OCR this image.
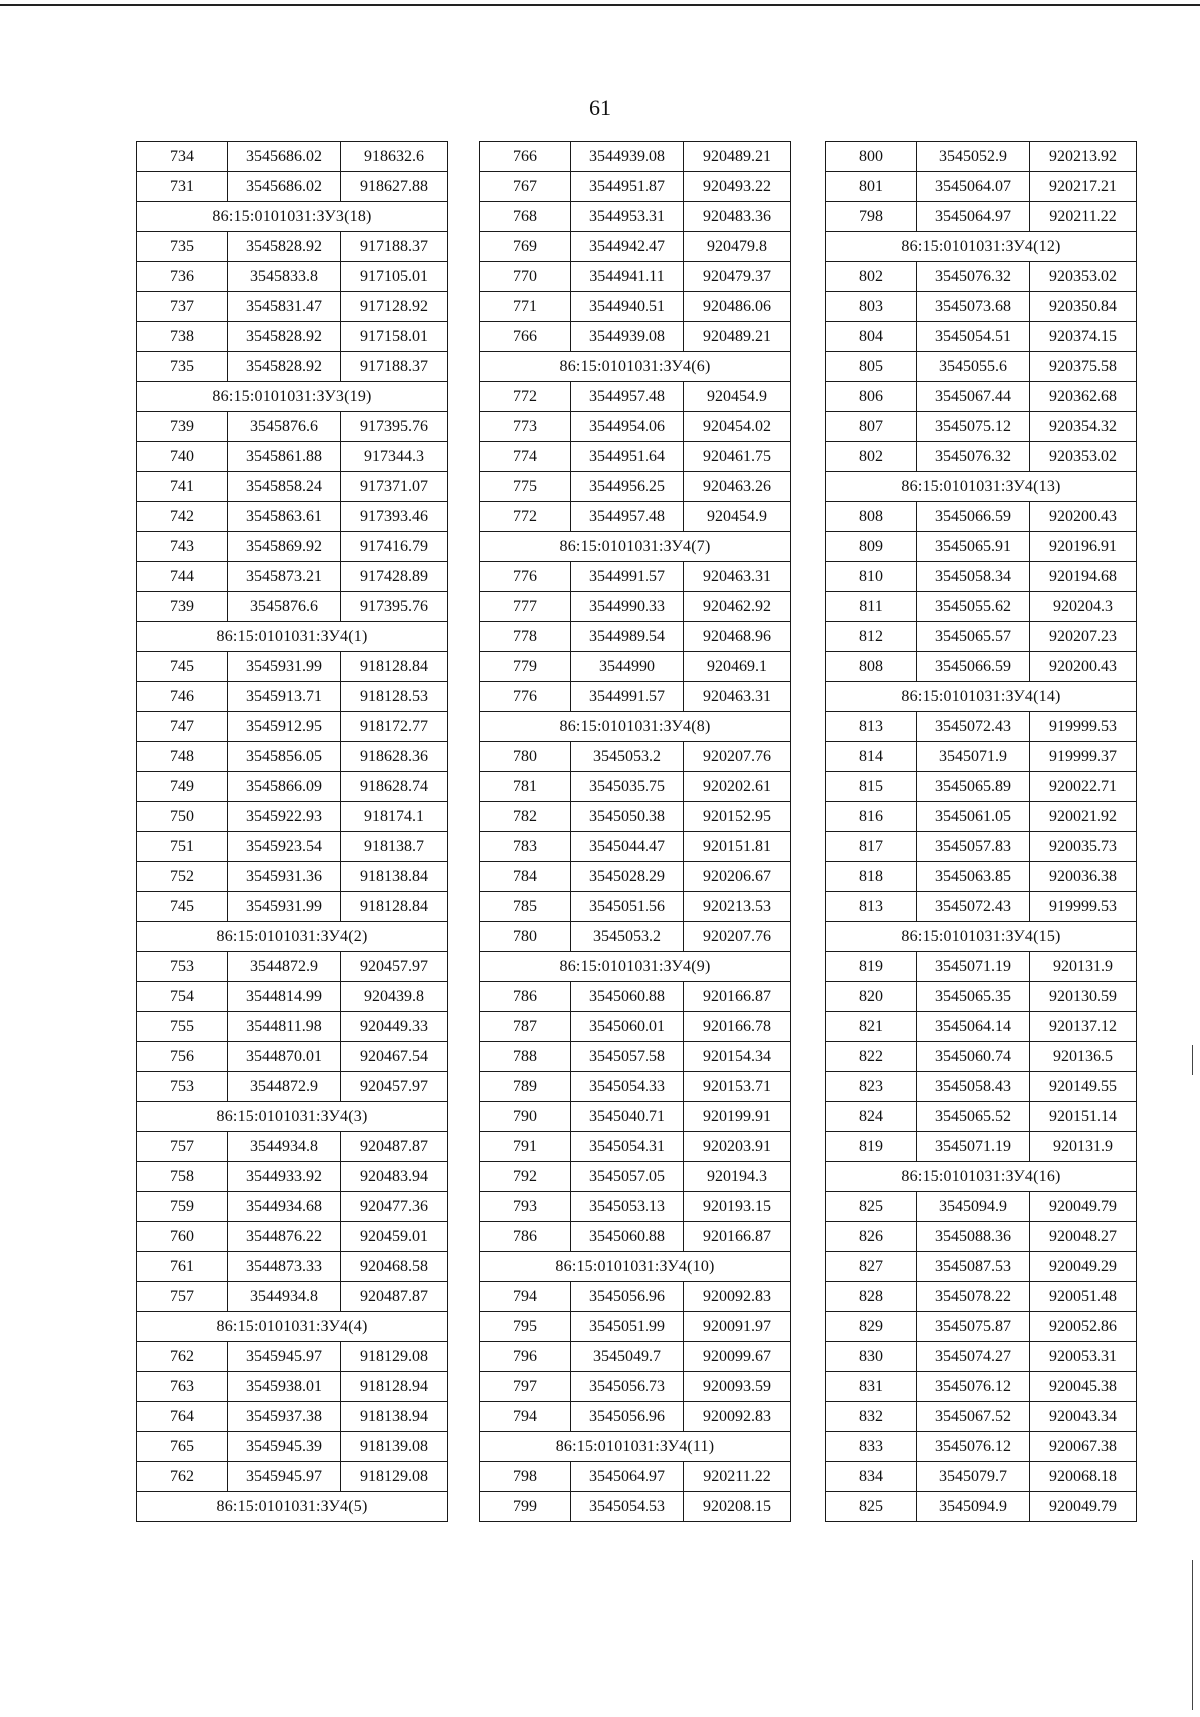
61
734	3545686.02	918632.6
731	3545686.02	918627.88
86:15:0101031:ЗУ3(18)		
735	3545828.92	917188.37
736	3545833.8	917105.01
737	3545831.47	917128.92
738	3545828.92	917158.01
735	3545828.92	917188.37
86:15:0101031:ЗУ3(19)		
739	3545876.6	917395.76
740	3545861.88	917344.3
741	3545858.24	917371.07
742	3545863.61	917393.46
743	3545869.92	917416.79
744	3545873.21	917428.89
739	3545876.6	917395.76
86:15:0101031:ЗУ4(1)		
745	3545931.99	918128.84
746	3545913.71	918128.53
747	3545912.95	918172.77
748	3545856.05	918628.36
749	3545866.09	918628.74
750	3545922.93	918174.1
751	3545923.54	918138.7
752	3545931.36	918138.84
745	3545931.99	918128.84
86:15:0101031:ЗУ4(2)		
753	3544872.9	920457.97
754	3544814.99	920439.8
755	3544811.98	920449.33
756	3544870.01	920467.54
753	3544872.9	920457.97
86:15:0101031:ЗУ4(3)		
757	3544934.8	920487.87
758	3544933.92	920483.94
759	3544934.68	920477.36
760	3544876.22	920459.01
761	3544873.33	920468.58
757	3544934.8	920487.87
86:15:0101031:ЗУ4(4)		
762	3545945.97	918129.08
763	3545938.01	918128.94
764	3545937.38	918138.94
765	3545945.39	918139.08
762	3545945.97	918129.08
86:15:0101031:ЗУ4(5)		
766	3544939.08	920489.21
767	3544951.87	920493.22
768	3544953.31	920483.36
769	3544942.47	920479.8
770	3544941.11	920479.37
771	3544940.51	920486.06
766	3544939.08	920489.21
86:15:0101031:ЗУ4(6)		
772	3544957.48	920454.9
773	3544954.06	920454.02
774	3544951.64	920461.75
775	3544956.25	920463.26
772	3544957.48	920454.9
86:15:0101031:ЗУ4(7)		
776	3544991.57	920463.31
777	3544990.33	920462.92
778	3544989.54	920468.96
779	3544990	920469.1
776	3544991.57	920463.31
86:15:0101031:ЗУ4(8)		
780	3545053.2	920207.76
781	3545035.75	920202.61
782	3545050.38	920152.95
783	3545044.47	920151.81
784	3545028.29	920206.67
785	3545051.56	920213.53
780	3545053.2	920207.76
86:15:0101031:ЗУ4(9)		
786	3545060.88	920166.87
787	3545060.01	920166.78
788	3545057.58	920154.34
789	3545054.33	920153.71
790	3545040.71	920199.91
791	3545054.31	920203.91
792	3545057.05	920194.3
793	3545053.13	920193.15
786	3545060.88	920166.87
86:15:0101031:ЗУ4(10)		
794	3545056.96	920092.83
795	3545051.99	920091.97
796	3545049.7	920099.67
797	3545056.73	920093.59
794	3545056.96	920092.83
86:15:0101031:ЗУ4(11)		
798	3545064.97	920211.22
799	3545054.53	920208.15
800	3545052.9	920213.92
801	3545064.07	920217.21
798	3545064.97	920211.22
86:15:0101031:ЗУ4(12)		
802	3545076.32	920353.02
803	3545073.68	920350.84
804	3545054.51	920374.15
805	3545055.6	920375.58
806	3545067.44	920362.68
807	3545075.12	920354.32
802	3545076.32	920353.02
86:15:0101031:ЗУ4(13)		
808	3545066.59	920200.43
809	3545065.91	920196.91
810	3545058.34	920194.68
811	3545055.62	920204.3
812	3545065.57	920207.23
808	3545066.59	920200.43
86:15:0101031:ЗУ4(14)		
813	3545072.43	919999.53
814	3545071.9	919999.37
815	3545065.89	920022.71
816	3545061.05	920021.92
817	3545057.83	920035.73
818	3545063.85	920036.38
813	3545072.43	919999.53
86:15:0101031:ЗУ4(15)		
819	3545071.19	920131.9
820	3545065.35	920130.59
821	3545064.14	920137.12
822	3545060.74	920136.5
823	3545058.43	920149.55
824	3545065.52	920151.14
819	3545071.19	920131.9
86:15:0101031:ЗУ4(16)		
825	3545094.9	920049.79
826	3545088.36	920048.27
827	3545087.53	920049.29
828	3545078.22	920051.48
829	3545075.87	920052.86
830	3545074.27	920053.31
831	3545076.12	920045.38
832	3545067.52	920043.34
833	3545076.12	920067.38
834	3545079.7	920068.18
825	3545094.9	920049.79
